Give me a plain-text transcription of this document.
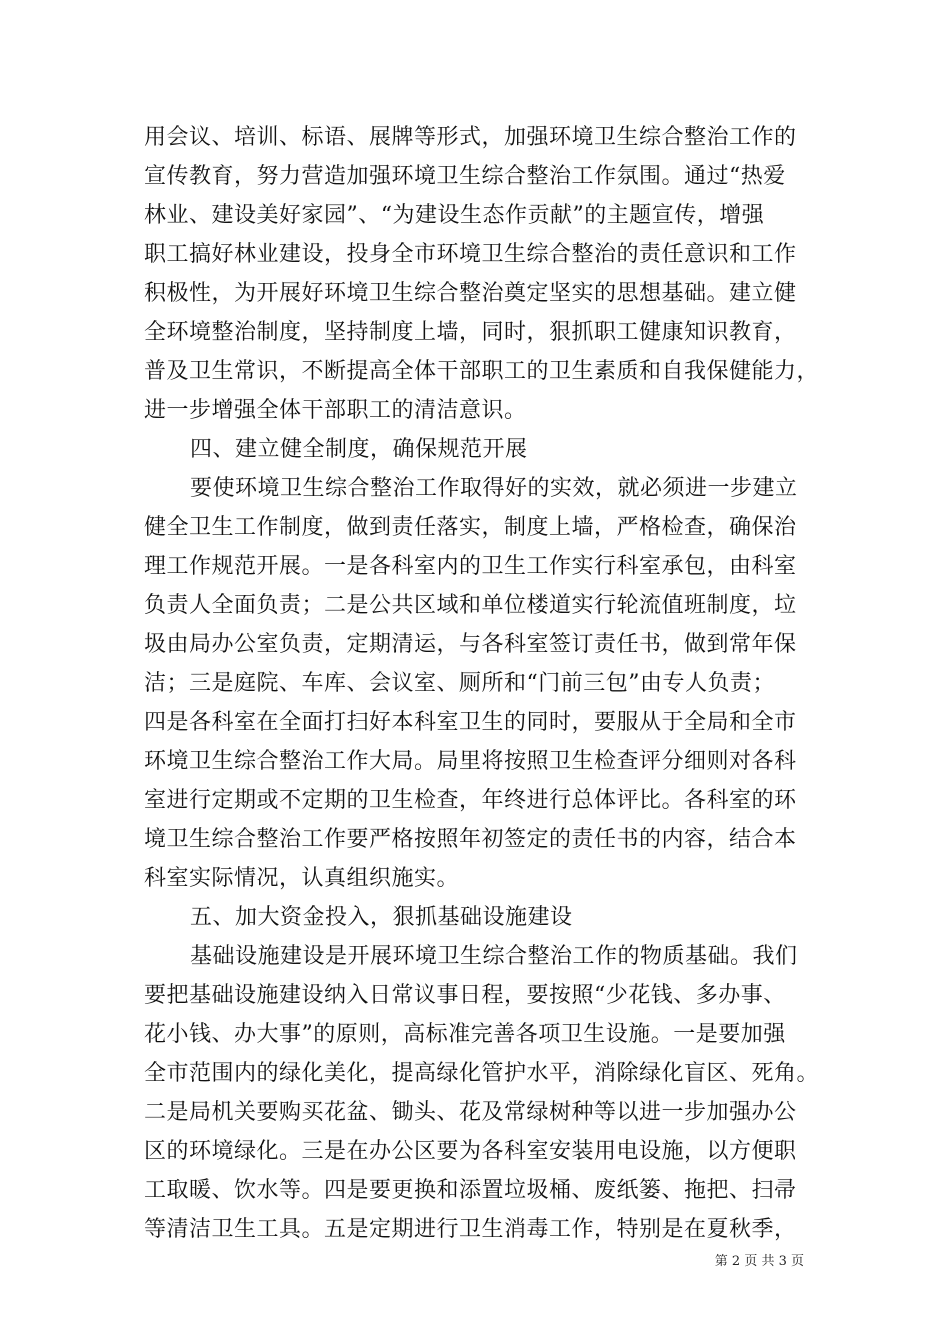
用会议、培训、标语、展牌等形式，加强环境卫生综合整治工作的
宣传教育，努力营造加强环境卫生综合整治工作氛围。通过“热爱
林业、建设美好家园”、“为建设生态作贡献”的主题宣传，增强
职工搞好林业建设，投身全市环境卫生综合整治的责任意识和工作
积极性，为开展好环境卫生综合整治奠定坚实的思想基础。建立健
全环境整治制度，坚持制度上墙，同时，狠抓职工健康知识教育，
普及卫生常识，不断提高全体干部职工的卫生素质和自我保健能力，
进一步增强全体干部职工的清洁意识。
四、建立健全制度，确保规范开展
要使环境卫生综合整治工作取得好的实效，就必须进一步建立
健全卫生工作制度，做到责任落实，制度上墙，严格检查，确保治
理工作规范开展。一是各科室内的卫生工作实行科室承包，由科室
负责人全面负责；二是公共区域和单位楼道实行轮流值班制度，垃
圾由局办公室负责，定期清运，与各科室签订责任书，做到常年保
洁；三是庭院、车库、会议室、厕所和“门前三包”由专人负责；
四是各科室在全面打扫好本科室卫生的同时，要服从于全局和全市
环境卫生综合整治工作大局。局里将按照卫生检查评分细则对各科
室进行定期或不定期的卫生检查，年终进行总体评比。各科室的环
境卫生综合整治工作要严格按照年初签定的责任书的内容，结合本
科室实际情况，认真组织施实。
五、加大资金投入，狠抓基础设施建设
基础设施建设是开展环境卫生综合整治工作的物质基础。我们
要把基础设施建设纳入日常议事日程，要按照“少花钱、多办事、
花小钱、办大事”的原则，高标准完善各项卫生设施。一是要加强
全市范围内的绿化美化，提高绿化管护水平，消除绿化盲区、死角。
二是局机关要购买花盆、锄头、花及常绿树种等以进一步加强办公
区的环境绿化。三是在办公区要为各科室安装用电设施，以方便职
工取暖、饮水等。四是要更换和添置垃圾桶、废纸篓、拖把、扫帚
等清洁卫生工具。五是定期进行卫生消毒工作，特别是在夏秋季，
第 2 页 共 3 页
